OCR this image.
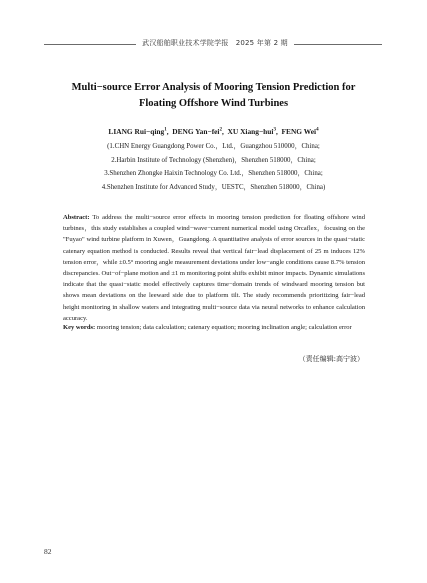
武汉船舶职业技术学院学报　2025 年第 2 期
Multi−source Error Analysis of Mooring Tension Prediction for
Floating Offshore Wind Turbines
LIANG Rui−qing$^1$,  DENG Yan−fei$^2$,  XU Xiang−hui$^3$,  FENG Wei$^4$
(1.CHN Energy Guangdong Power Co.，Ltd.，Guangzhou 510000，China;
2.Harbin Institute of Technology (Shenzhen)，Shenzhen 518000，China;
3.Shenzhen Zhongke Haixin Technology Co. Ltd.，Shenzhen 518000，China;
4.Shenzhen Institute for Advanced Study，UESTC，Shenzhen 518000，China)

Abstract: To address the multi−source error effects in mooring tension prediction for floating offshore wind turbines，this study establishes a coupled wind−wave−current numerical model using Orcaflex，focusing on the "Fuyao" wind turbine platform in Xuwen，Guangdong. A quantitative analysis of error sources in the quasi−static catenary equation method is conducted. Results reveal that vertical fair−lead displacement of 25 m induces 12% tension error，while ±0.5° mooring angle measurement deviations under low−angle conditions cause 8.7% tension discrepancies. Out−of−plane motion and ±1 m monitoring point shifts exhibit minor impacts. Dynamic simulations indicate that the quasi−static model effectively captures time−domain trends of windward mooring tension but shows mean deviations on the leeward side due to platform tilt. The study recommends prioritizing fair−lead height monitoring in shallow waters and integrating multi−source data via neural networks to enhance calculation accuracy.

Key words: mooring tension; data calculation; catenary equation; mooring inclination angle; calculation error

（责任编辑:高宁波）
82
